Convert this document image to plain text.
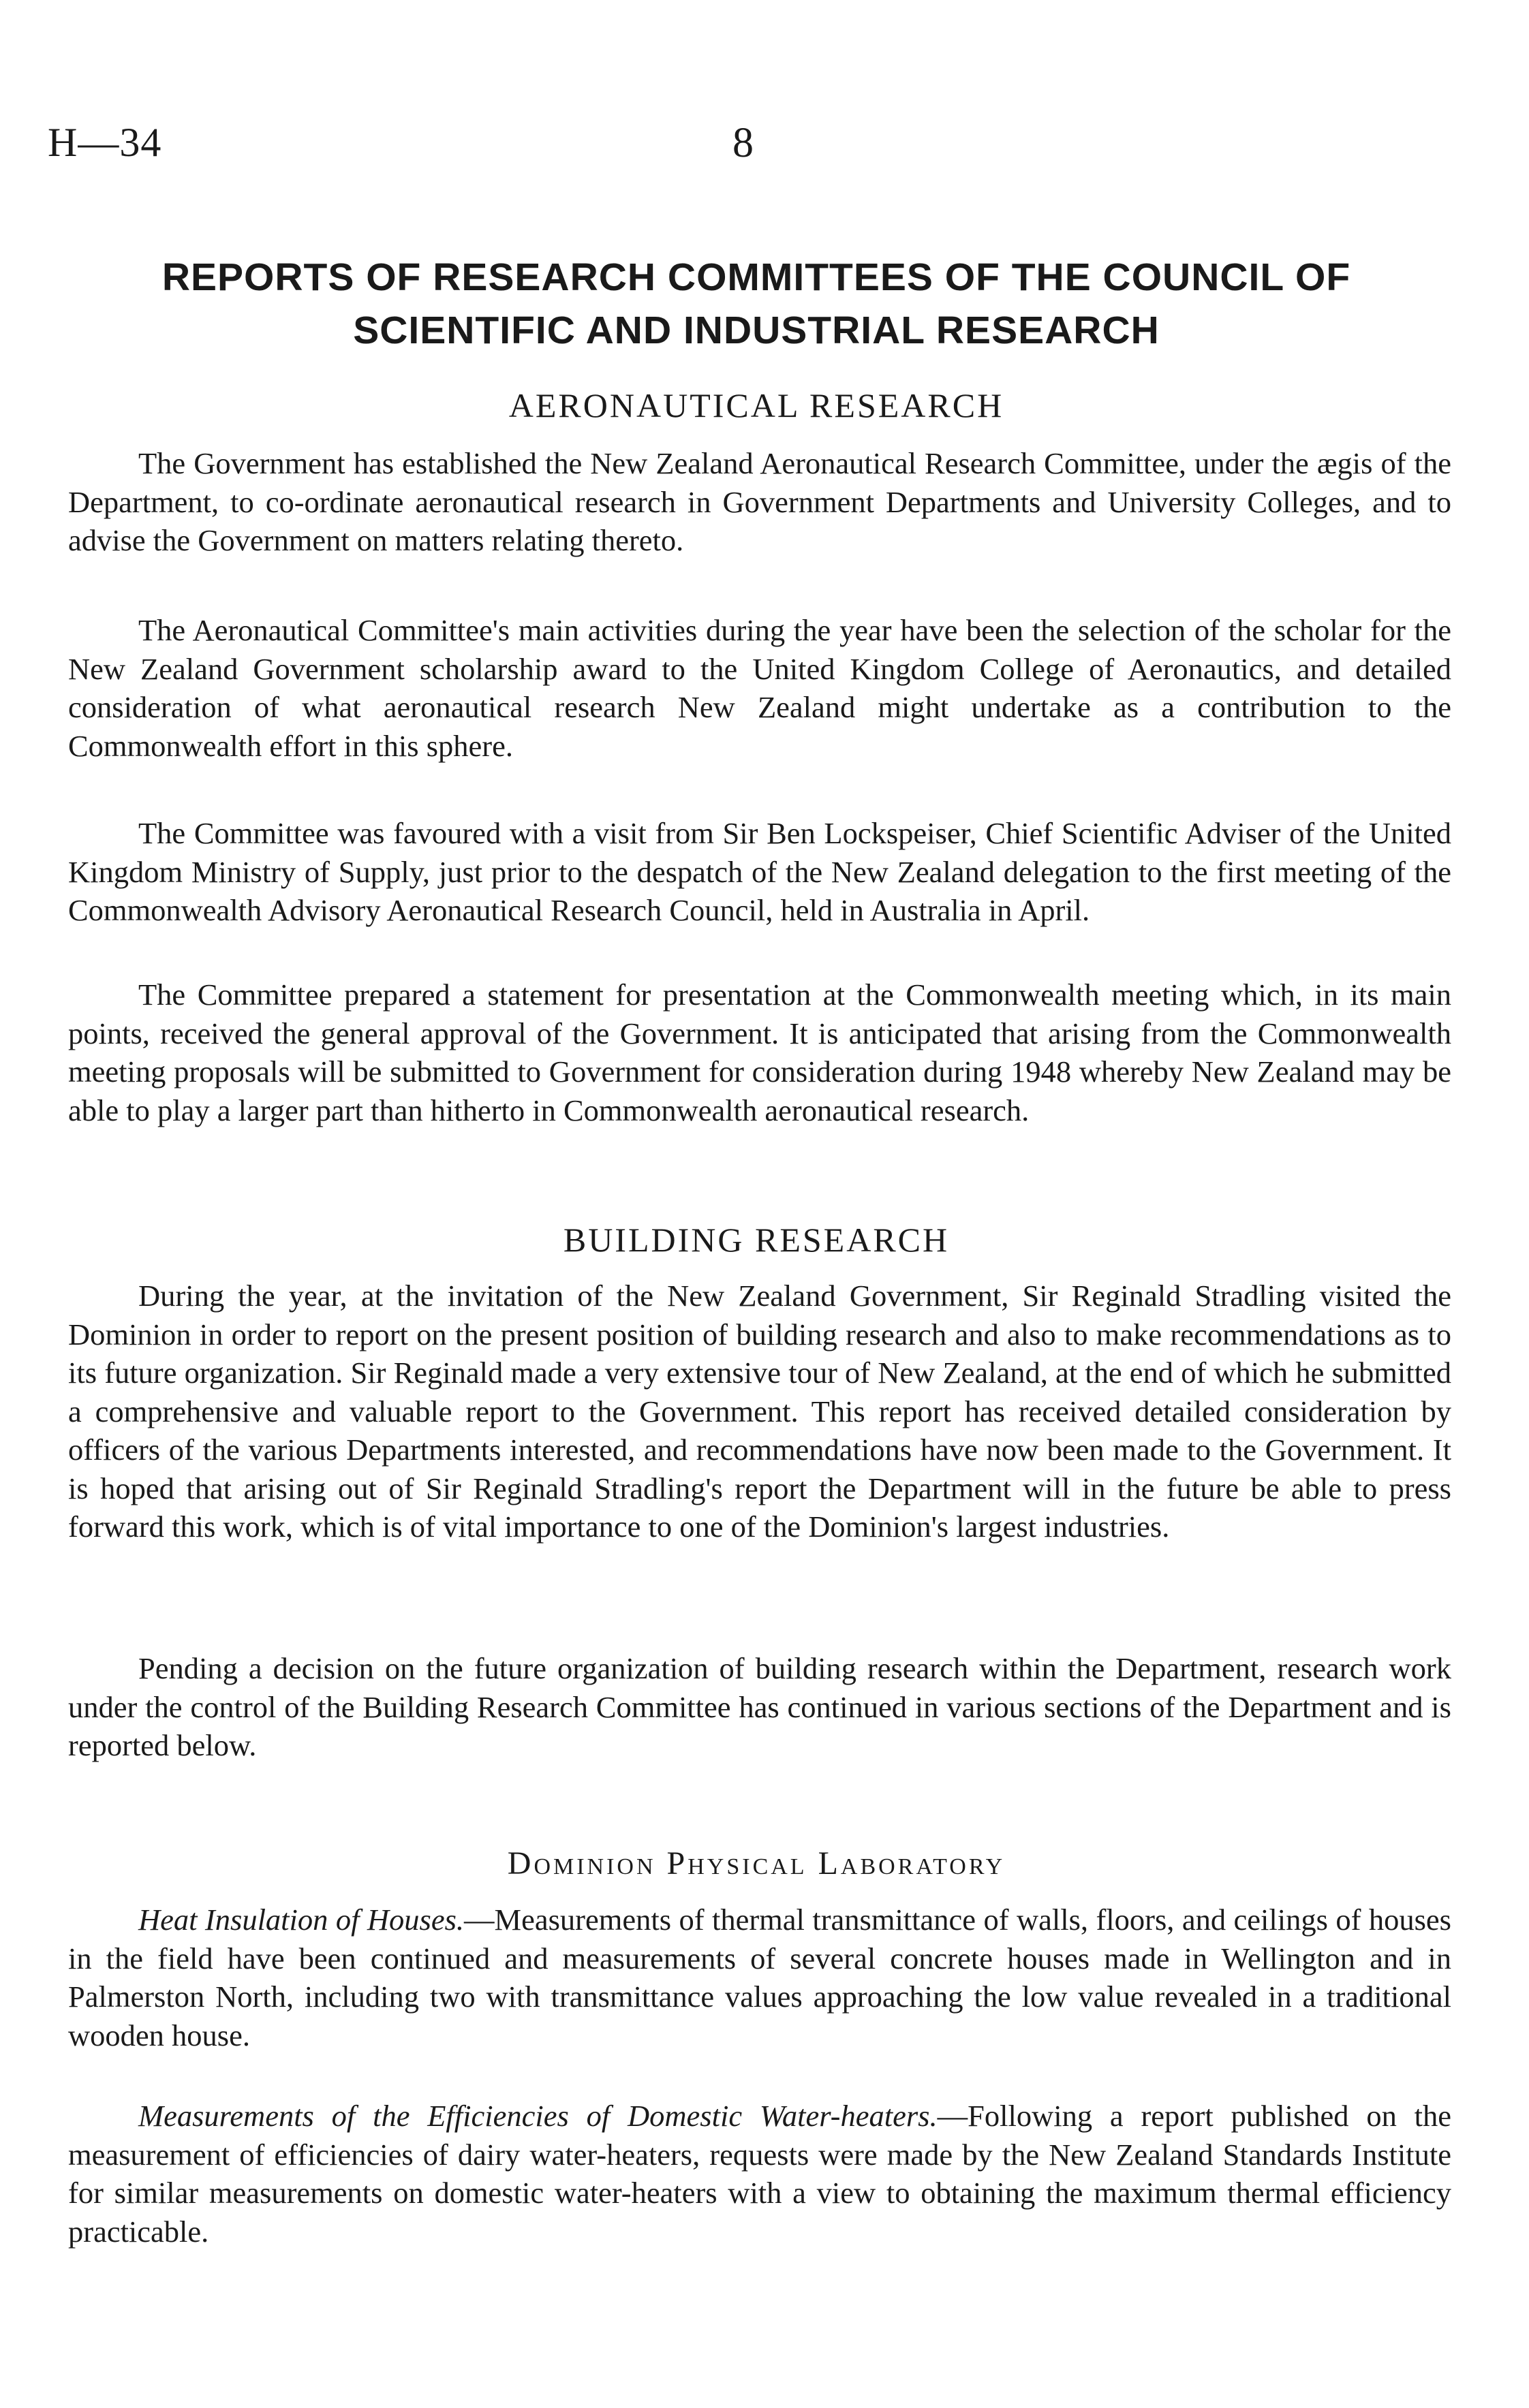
H—34	8
REPORTS OF RESEARCH COMMITTEES OF THE COUNCIL OF
SCIENTIFIC AND INDUSTRIAL RESEARCH
AERONAUTICAL RESEARCH

The Government has established the New Zealand Aeronautical Research Committee, under the ægis of the Department, to co-ordinate aeronautical research in Government Departments and University Colleges, and to advise the Government on matters relating thereto.

The Aeronautical Committee's main activities during the year have been the selection of the scholar for the New Zealand Government scholarship award to the United Kingdom College of Aeronautics, and detailed consideration of what aeronautical research New Zealand might undertake as a contribution to the Commonwealth effort in this sphere.

The Committee was favoured with a visit from Sir Ben Lockspeiser, Chief Scientific Adviser of the United Kingdom Ministry of Supply, just prior to the despatch of the New Zealand delegation to the first meeting of the Commonwealth Advisory Aeronautical Research Council, held in Australia in April.

The Committee prepared a statement for presentation at the Commonwealth meeting which, in its main points, received the general approval of the Government. It is anticipated that arising from the Commonwealth meeting proposals will be submitted to Government for consideration during 1948 whereby New Zealand may be able to play a larger part than hitherto in Commonwealth aeronautical research.

BUILDING RESEARCH

During the year, at the invitation of the New Zealand Government, Sir Reginald Stradling visited the Dominion in order to report on the present position of building research and also to make recommendations as to its future organization. Sir Reginald made a very extensive tour of New Zealand, at the end of which he submitted a comprehensive and valuable report to the Government. This report has received detailed consideration by officers of the various Departments interested, and recommendations have now been made to the Government. It is hoped that arising out of Sir Reginald Stradling's report the Department will in the future be able to press forward this work, which is of vital importance to one of the Dominion's largest industries.

Pending a decision on the future organization of building research within the Department, research work under the control of the Building Research Committee has continued in various sections of the Department and is reported below.

Dominion Physical Laboratory

Heat Insulation of Houses.—Measurements of thermal transmittance of walls, floors, and ceilings of houses in the field have been continued and measurements of several concrete houses made in Wellington and in Palmerston North, including two with transmittance values approaching the low value revealed in a traditional wooden house.

Measurements of the Efficiencies of Domestic Water-heaters.—Following a report published on the measurement of efficiencies of dairy water-heaters, requests were made by the New Zealand Standards Institute for similar measurements on domestic water-heaters with a view to obtaining the maximum thermal efficiency practicable.
